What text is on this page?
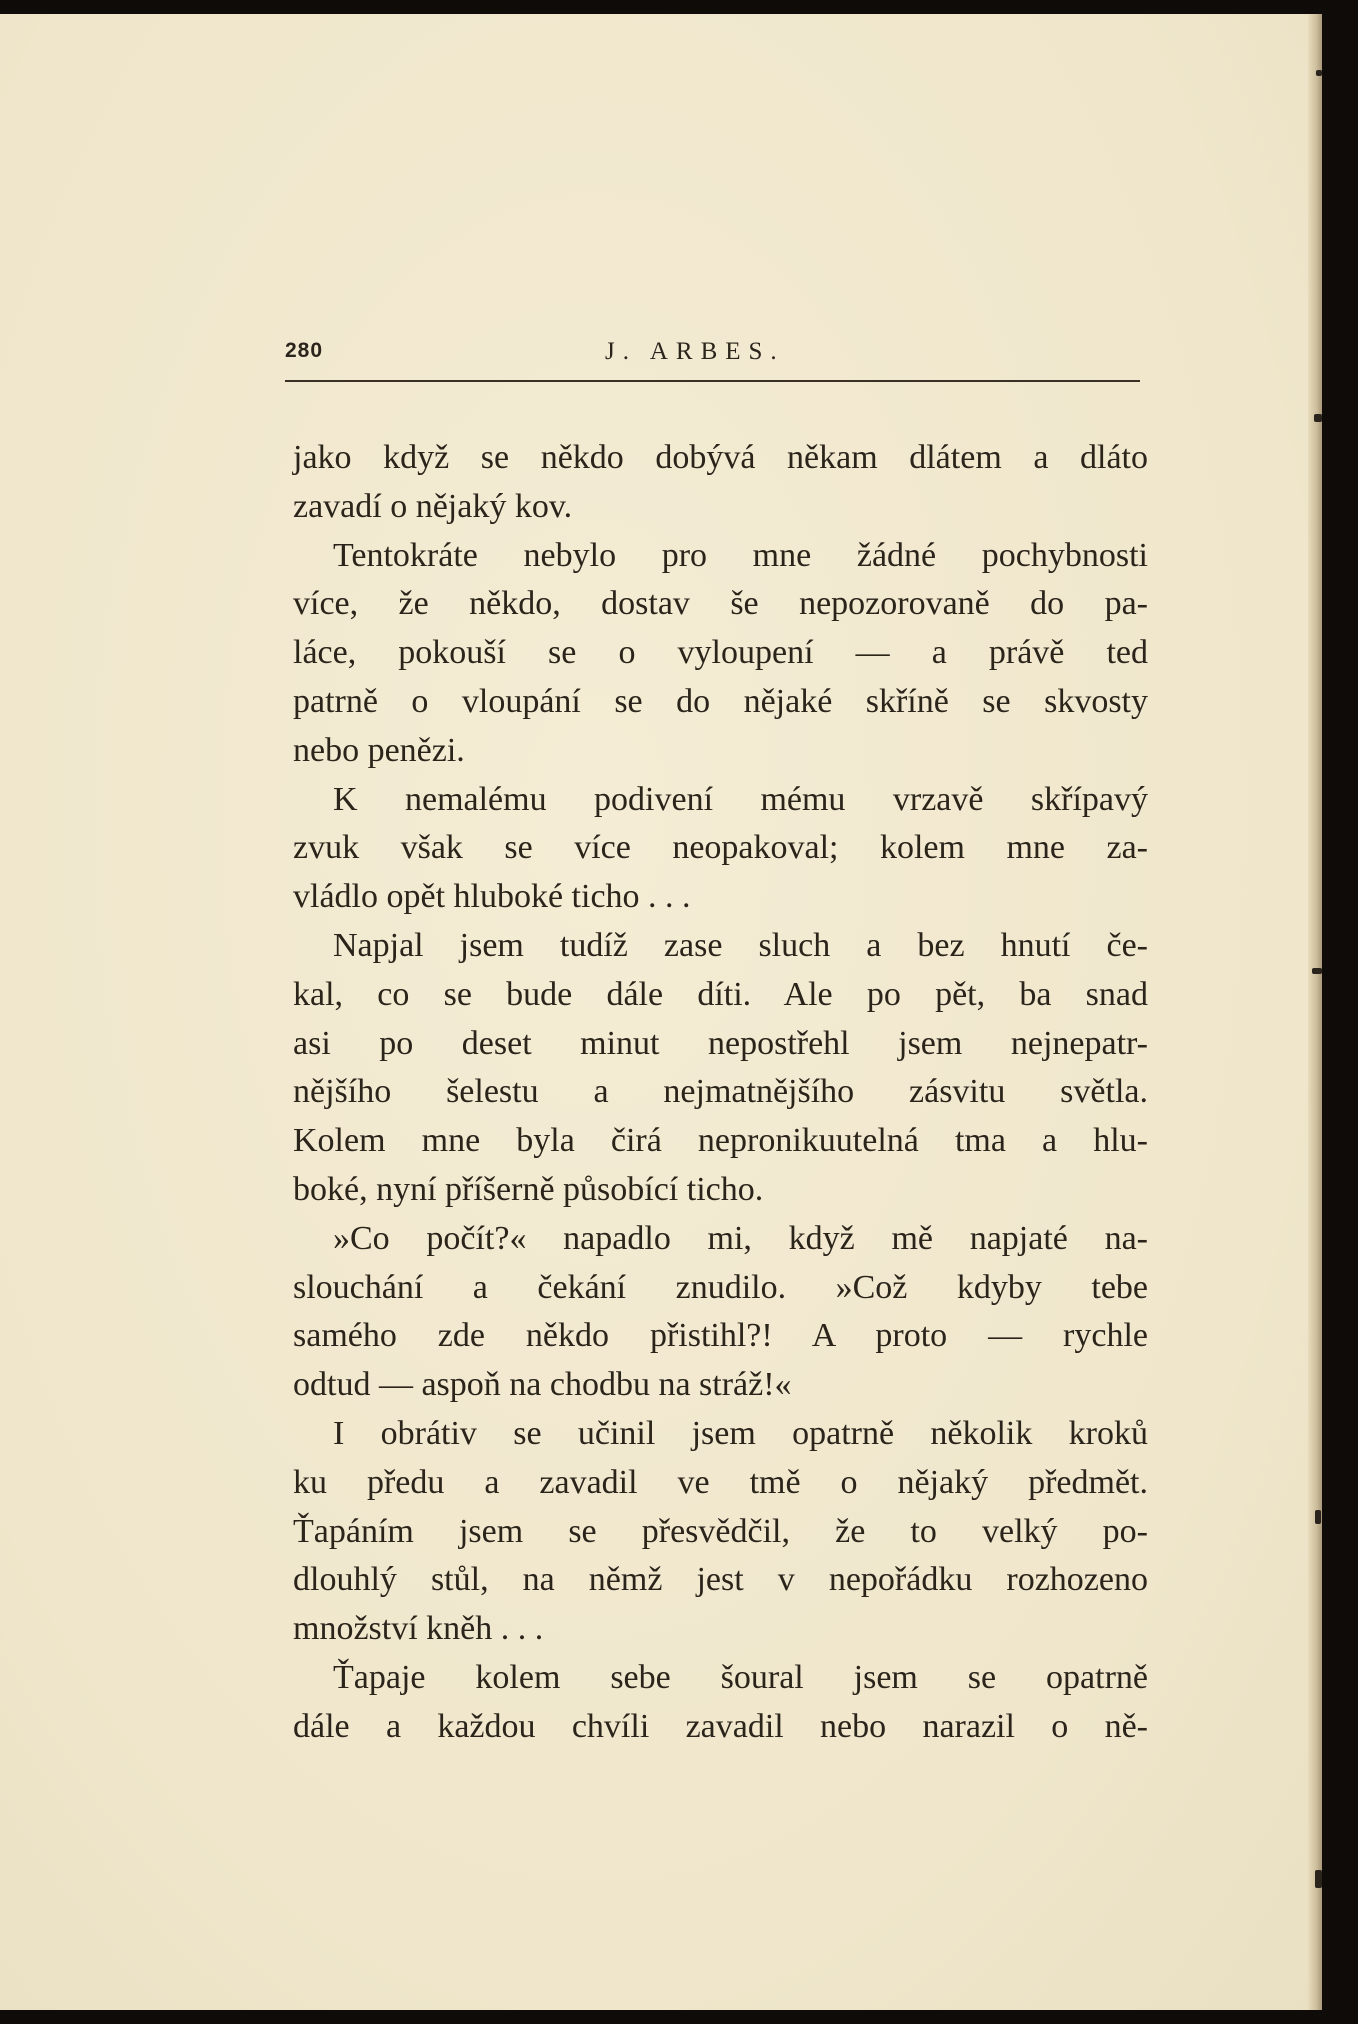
280	J. ARBES.
jako když se někdo dobývá někam dlátem a dláto
zavadí o nějaký kov.
Tentokráte nebylo pro mne žádné pochybnosti
více, že někdo, dostav še nepozorovaně do pa-
láce, pokouší se o vyloupení — a právě ted
patrně o vloupání se do nějaké skříně se skvosty
nebo penězi.
K nemalému podivení mému vrzavě skřípavý
zvuk však se více neopakoval; kolem mne za-
vládlo opět hluboké ticho . . .
Napjal jsem tudíž zase sluch a bez hnutí če-
kal, co se bude dále díti. Ale po pět, ba snad
asi po deset minut nepostřehl jsem nejnepatr-
nějšího šelestu a nejmatnějšího zásvitu světla.
Kolem mne byla čirá nepronikuutelná tma a hlu-
boké, nyní příšerně působící ticho.
»Co počít?« napadlo mi, když mě napjaté na-
slouchání a čekání znudilo. »Což kdyby tebe
samého zde někdo přistihl?! A proto — rychle
odtud — aspoň na chodbu na stráž!«
I obrátiv se učinil jsem opatrně několik kroků
ku předu a zavadil ve tmě o nějaký předmět.
Ťapáním jsem se přesvědčil, že to velký po-
dlouhlý stůl, na němž jest v nepořádku rozhozeno
množství kněh . . .
Ťapaje kolem sebe šoural jsem se opatrně
dále a každou chvíli zavadil nebo narazil o ně-
